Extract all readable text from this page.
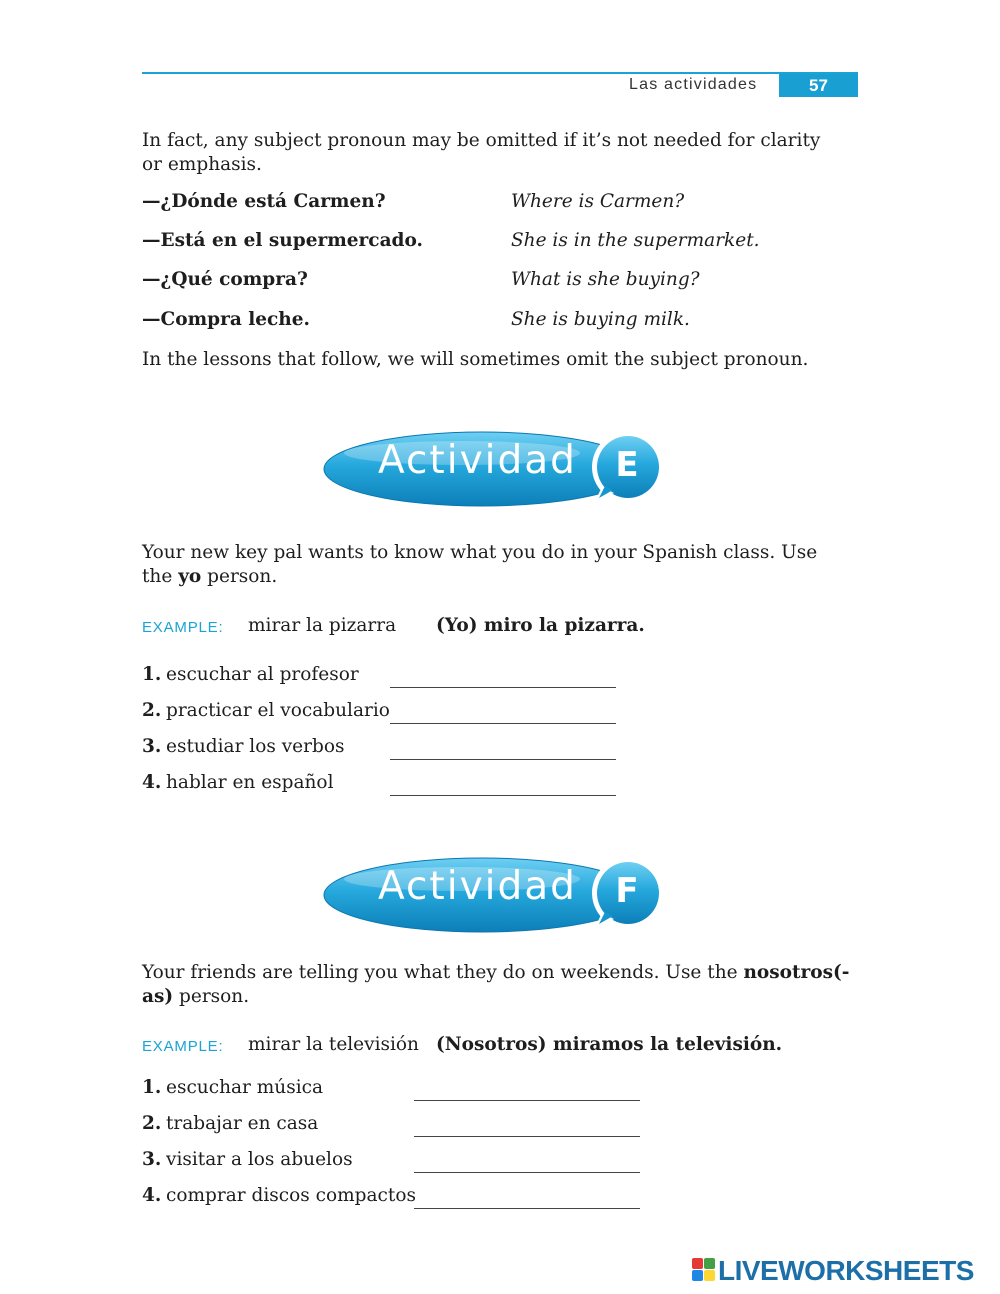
Las actividades	57
In fact, any subject pronoun may be omitted if it’s not needed for clarity or emphasis.
—¿Dónde está Carmen?	Where is Carmen?
—Está en el supermercado.	She is in the supermarket.
—¿Qué compra?	What is she buying?
—Compra leche.	She is buying milk.
In the lessons that follow, we will sometimes omit the subject pronoun.
Actividad E
Your new key pal wants to know what you do in your Spanish class. Use the yo person.
EXAMPLE: mirar la pizarra (Yo) miro la pizarra.
1. escuchar al profesor
2. practicar el vocabulario
3. estudiar los verbos
4. hablar en español
Actividad F
Your friends are telling you what they do on weekends. Use the nosotros(-as) person.
EXAMPLE: mirar la televisión (Nosotros) miramos la televisión.
1. escuchar música
2. trabajar en casa
3. visitar a los abuelos
4. comprar discos compactos
LIVEWORKSHEETS
